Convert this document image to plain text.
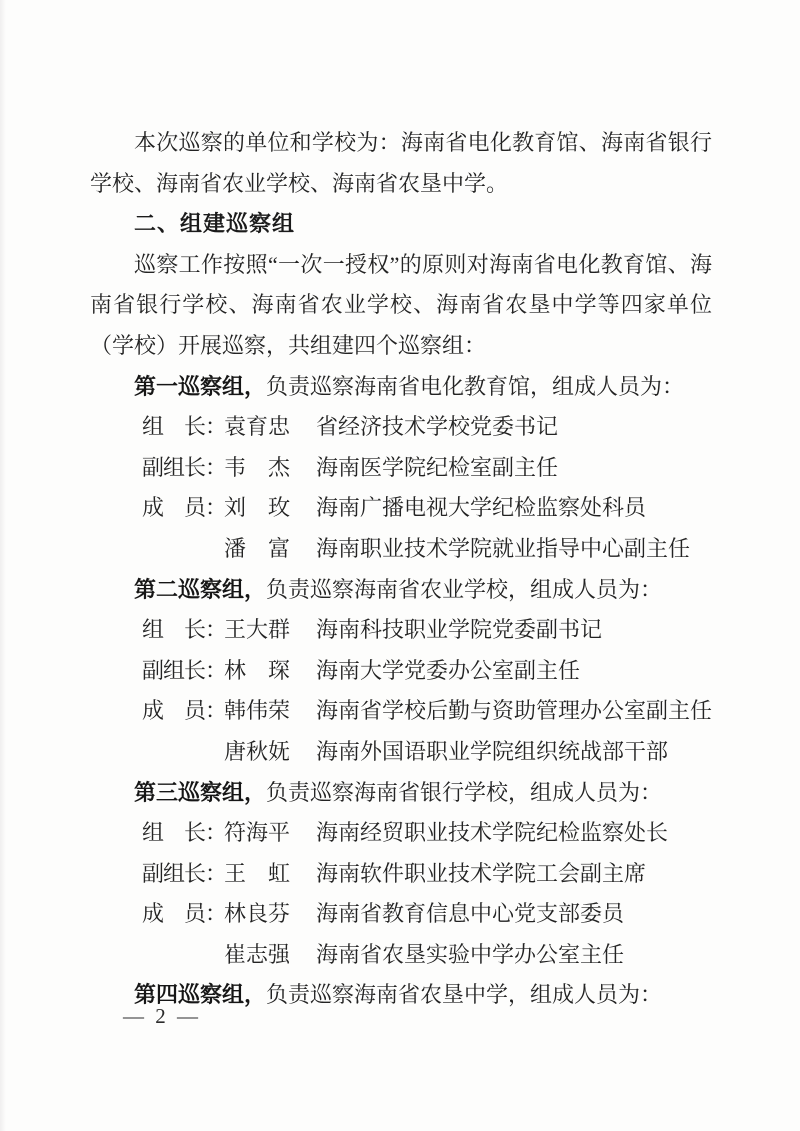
本次巡察的单位和学校为：海南省电化教育馆、海南省银行学校、海南省农业学校、海南省农垦中学。

二、组建巡察组

巡察工作按照“一次一授权”的原则对海南省电化教育馆、海南省银行学校、海南省农业学校、海南省农垦中学等四家单位（学校）开展巡察，共组建四个巡察组：

第一巡察组，负责巡察海南省电化教育馆，组成人员为：

组　长：
袁育忠	省经济技术学校党委书记
副组长：
韦　杰	海南医学院纪检室副主任
成　员：
刘　玫	海南广播电视大学纪检监察处科员
潘　富	海南职业技术学院就业指导中心副主任

第二巡察组，负责巡察海南省农业学校，组成人员为：

组　长：
王大群	海南科技职业学院党委副书记
副组长：
林　琛	海南大学党委办公室副主任
成　员：
韩伟荣	海南省学校后勤与资助管理办公室副主任
唐秋妩	海南外国语职业学院组织统战部干部

第三巡察组，负责巡察海南省银行学校，组成人员为：

组　长：
符海平	海南经贸职业技术学院纪检监察处长
副组长：
王　虹	海南软件职业技术学院工会副主席
成　员：
林良芬	海南省教育信息中心党支部委员
崔志强	海南省农垦实验中学办公室主任

第四巡察组，负责巡察海南省农垦中学，组成人员为：

— 2 —
